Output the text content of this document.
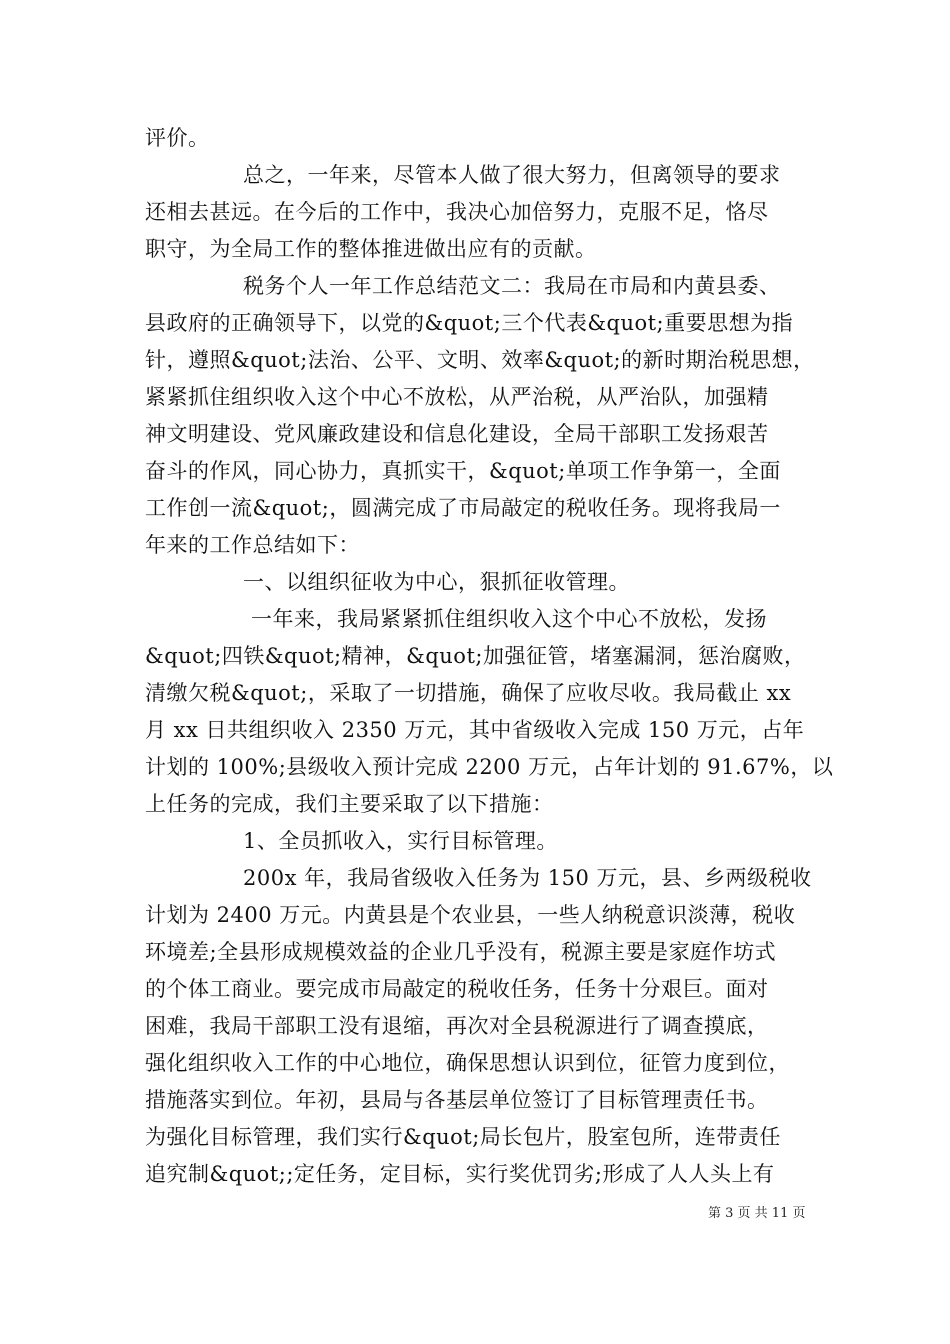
评价。
总之，一年来，尽管本人做了很大努力，但离领导的要求
还相去甚远。在今后的工作中，我决心加倍努力，克服不足，恪尽
职守，为全局工作的整体推进做出应有的贡献。
税务个人一年工作总结范文二：我局在市局和内黄县委、
县政府的正确领导下，以党的&quot;三个代表&quot;重要思想为指
针，遵照&quot;法治、公平、文明、效率&quot;的新时期治税思想，
紧紧抓住组织收入这个中心不放松，从严治税，从严治队，加强精
神文明建设、党风廉政建设和信息化建设，全局干部职工发扬艰苦
奋斗的作风，同心协力，真抓实干，&quot;单项工作争第一，全面
工作创一流&quot;，圆满完成了市局敲定的税收任务。现将我局一
年来的工作总结如下：
一、以组织征收为中心，狠抓征收管理。
一年来，我局紧紧抓住组织收入这个中心不放松，发扬
&quot;四铁&quot;精神，&quot;加强征管，堵塞漏洞，惩治腐败，
清缴欠税&quot;，采取了一切措施，确保了应收尽收。我局截止 xx
月 xx 日共组织收入 2350 万元，其中省级收入完成 150 万元，占年
计划的 100%;县级收入预计完成 2200 万元，占年计划的 91.67%，以
上任务的完成，我们主要采取了以下措施：
1、全员抓收入，实行目标管理。
200x 年，我局省级收入任务为 150 万元，县、乡两级税收
计划为 2400 万元。内黄县是个农业县，一些人纳税意识淡薄，税收
环境差;全县形成规模效益的企业几乎没有，税源主要是家庭作坊式
的个体工商业。要完成市局敲定的税收任务，任务十分艰巨。面对
困难，我局干部职工没有退缩，再次对全县税源进行了调查摸底，
强化组织收入工作的中心地位，确保思想认识到位，征管力度到位，
措施落实到位。年初，县局与各基层单位签订了目标管理责任书。
为强化目标管理，我们实行&quot;局长包片，股室包所，连带责任
追究制&quot;;定任务，定目标，实行奖优罚劣;形成了人人头上有
第 3 页 共 11 页
